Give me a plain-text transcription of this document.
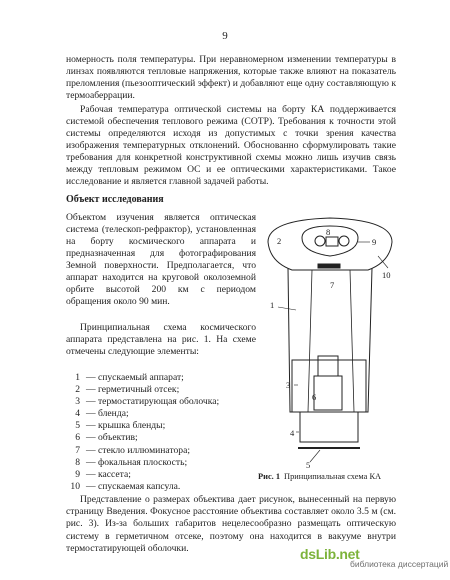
9

номерность поля температуры. При неравномерном изменении температуры в линзах появляются тепловые напряжения, которые также влияют на показатель преломления (пьезооптический эффект) и добавляют еще одну составляющую к термоаберрации.

Рабочая температура оптической системы на борту КА поддерживается системой обеспечения теплового режима (СОТР). Требования к точности этой системы определяются исходя из допустимых с точки зрения качества изображения температурных отклонений. Обоснованно сформулировать такие требования для конкретной конструктивной схемы можно лишь изучив связь между тепловым режимом ОС и ее оптическими характеристиками. Такое исследование и является главной задачей работы.

Объект исследования

Объектом изучения является оптическая система (телескоп-рефрактор), установленная на борту космического аппарата и предназначенная для фотографирования Земной поверхности. Предполагается, что аппарат находится на круговой околоземной орбите высотой 200 км с периодом обращения около 90 мин.

Принципиальная схема космического аппарата представлена на рис. 1. На схеме отмечены следующие элементы:

1 — спускаемый аппарат;
2 — герметичный отсек;
3 — термостатирующая оболочка;
4 — бленда;
5 — крышка бленды;
6 — объектив;
7 — стекло иллюминатора;
8 — фокальная плоскость;
9 — кассета;
10 — спускаемая капсула.
1
2
3
4
5
6
7
8
9
10
Рис. 1 Принципиальная схема КА

Представление о размерах объектива дает рисунок, вынесенный на первую страницу Введения. Фокусное расстояние объектива составляет около 3.5 м (см. рис. 3). Из-за больших габаритов нецелесообразно размещать оптическую систему в герметичном отсеке, поэтому она находится в вакууме внутри термостатирующей оболочки.	dsLib.net
библиотека диссертаций
